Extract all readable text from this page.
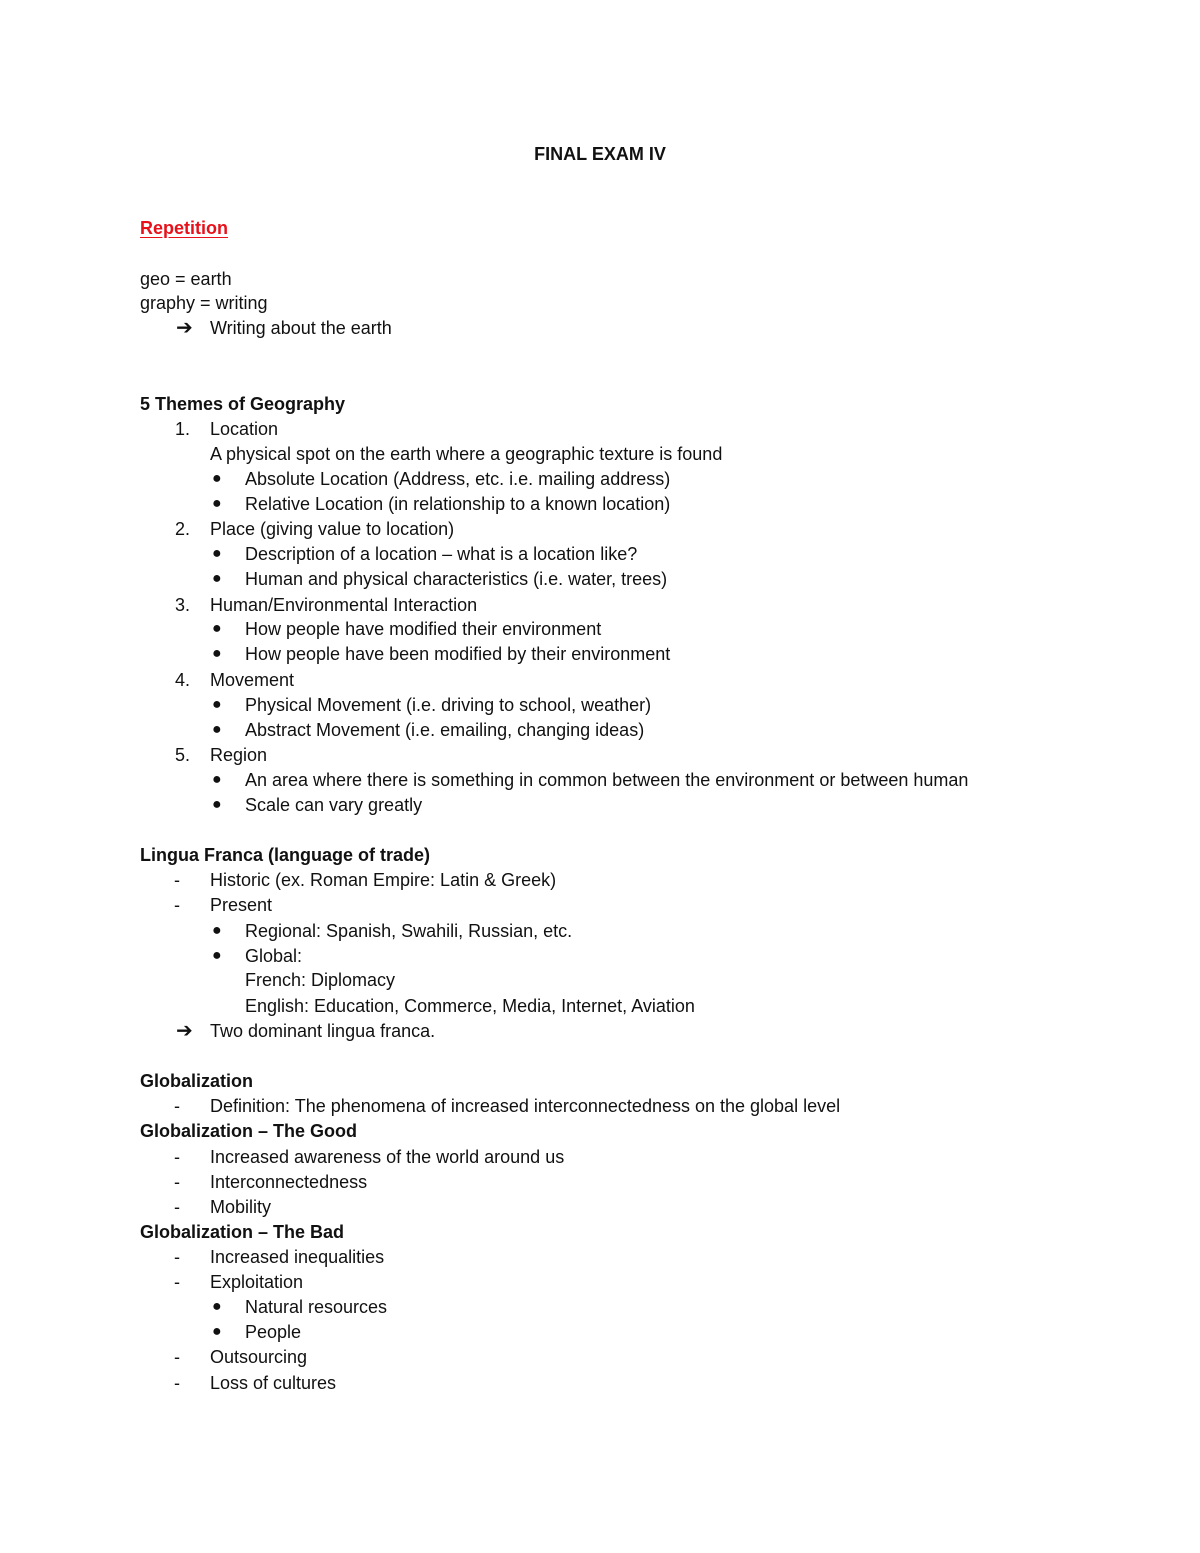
FINAL EXAM IV
Repetition
geo = earth
graphy = writing
➔ Writing about the earth
5 Themes of Geography
1. Location
A physical spot on the earth where a geographic texture is found
● Absolute Location (Address, etc. i.e. mailing address)
● Relative Location (in relationship to a known location)
2. Place (giving value to location)
● Description of a location – what is a location like?
● Human and physical characteristics (i.e. water, trees)
3. Human/Environmental Interaction
● How people have modified their environment
● How people have been modified by their environment
4. Movement
● Physical Movement (i.e. driving to school, weather)
● Abstract Movement (i.e. emailing, changing ideas)
5. Region
● An area where there is something in common between the environment or between human
● Scale can vary greatly
Lingua Franca (language of trade)
- Historic (ex. Roman Empire: Latin & Greek)
- Present
● Regional: Spanish, Swahili, Russian, etc.
● Global:
French: Diplomacy
English: Education, Commerce, Media, Internet, Aviation
➔ Two dominant lingua franca.
Globalization
- Definition: The phenomena of increased interconnectedness on the global level
Globalization – The Good
- Increased awareness of the world around us
- Interconnectedness
- Mobility
Globalization – The Bad
- Increased inequalities
- Exploitation
● Natural resources
● People
- Outsourcing
- Loss of cultures
